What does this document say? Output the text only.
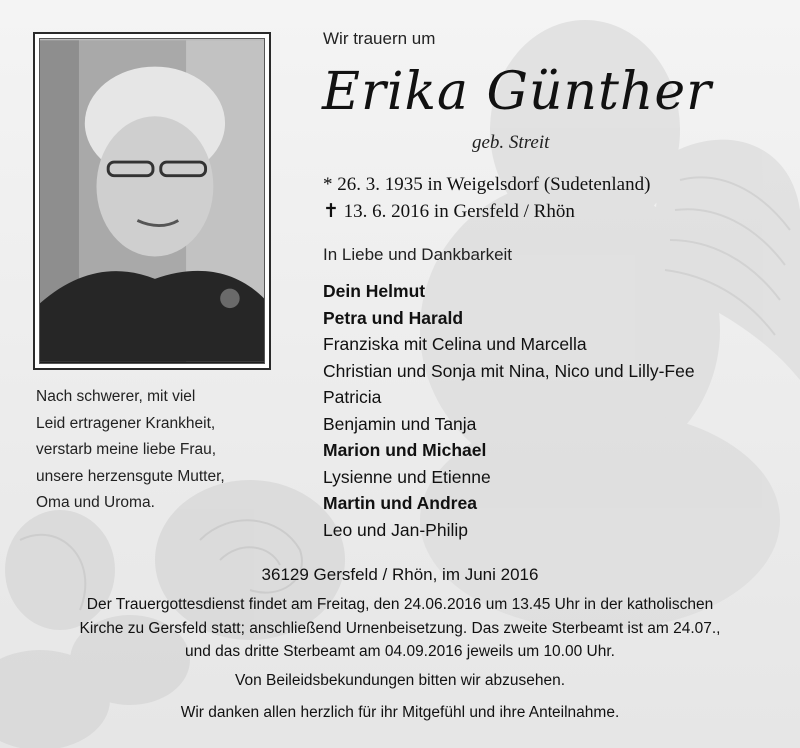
Nach schwerer, mit viel
Leid ertragener Krankheit,
verstarb meine liebe Frau,
unsere herzensgute Mutter,
Oma und Uroma.
Wir trauern um
Erika Günther
geb. Streit
* 26. 3. 1935 in Weigelsdorf (Sudetenland)
✝ 13. 6. 2016 in Gersfeld / Rhön
In Liebe und Dankbarkeit
Dein Helmut
Petra und Harald
Franziska mit Celina und Marcella
Christian und Sonja mit Nina, Nico und Lilly-Fee
Patricia
Benjamin und Tanja
Marion und Michael
Lysienne und Etienne
Martin und Andrea
Leo und Jan-Philip
36129 Gersfeld / Rhön, im Juni 2016
Der Trauergottesdienst findet am Freitag, den 24.06.2016 um 13.45 Uhr in der katholischen
Kirche zu Gersfeld statt; anschließend Urnenbeisetzung. Das zweite Sterbeamt ist am 24.07.,
und das dritte Sterbeamt am 04.09.2016 jeweils um 10.00 Uhr.
Von Beileidsbekundungen bitten wir abzusehen.
Wir danken allen herzlich für ihr Mitgefühl und ihre Anteilnahme.
